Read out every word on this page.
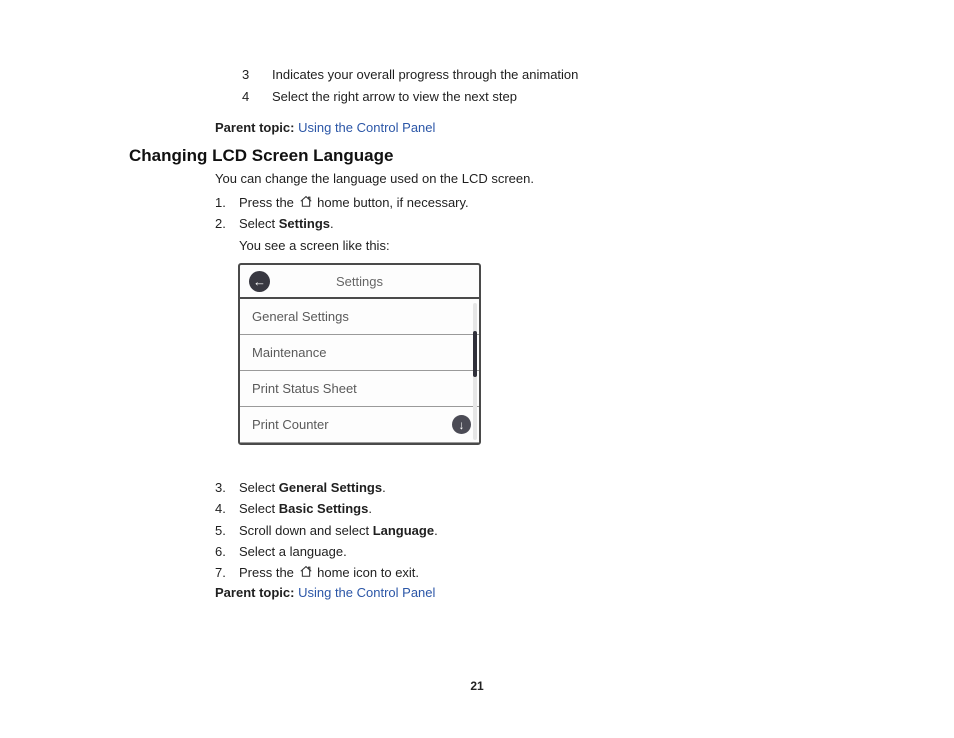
3	Indicates your overall progress through the animation
4	Select the right arrow to view the next step
Parent topic: Using the Control Panel
Changing LCD Screen Language

You can change the language used on the LCD screen.

1.	Press the  home button, if necessary.
2.	Select Settings.
You see a screen like this:
←	Settings
General Settings
Maintenance
Print Status Sheet
Print Counter	↓
3.	Select General Settings.
4.	Select Basic Settings.
5.	Scroll down and select Language.
6.	Select a language.
7.	Press the  home icon to exit.
Parent topic: Using the Control Panel
21
